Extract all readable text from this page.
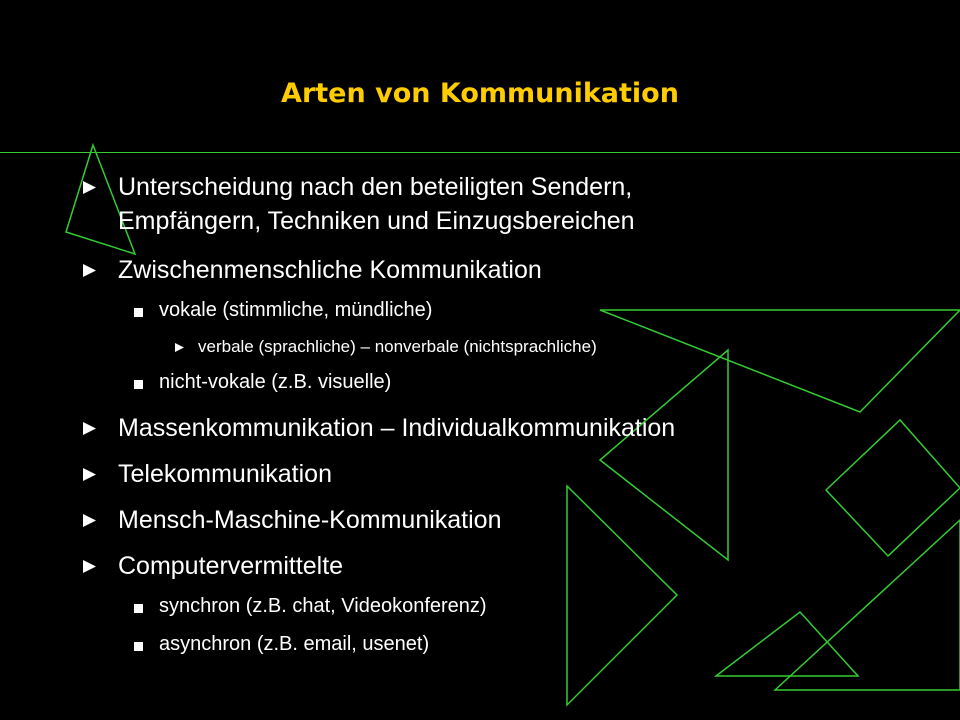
Arten von Kommunikation
Unterscheidung nach den beteiligten Sendern,
Empfängern, Techniken und Einzugsbereichen
Zwischenmenschliche Kommunikation
vokale (stimmliche, mündliche)
verbale (sprachliche) – nonverbale (nichtsprachliche)
nicht-vokale (z.B. visuelle)
Massenkommunikation – Individualkommunikation
Telekommunikation
Mensch-Maschine-Kommunikation
Computervermittelte
synchron (z.B. chat, Videokonferenz)
asynchron (z.B. email, usenet)
